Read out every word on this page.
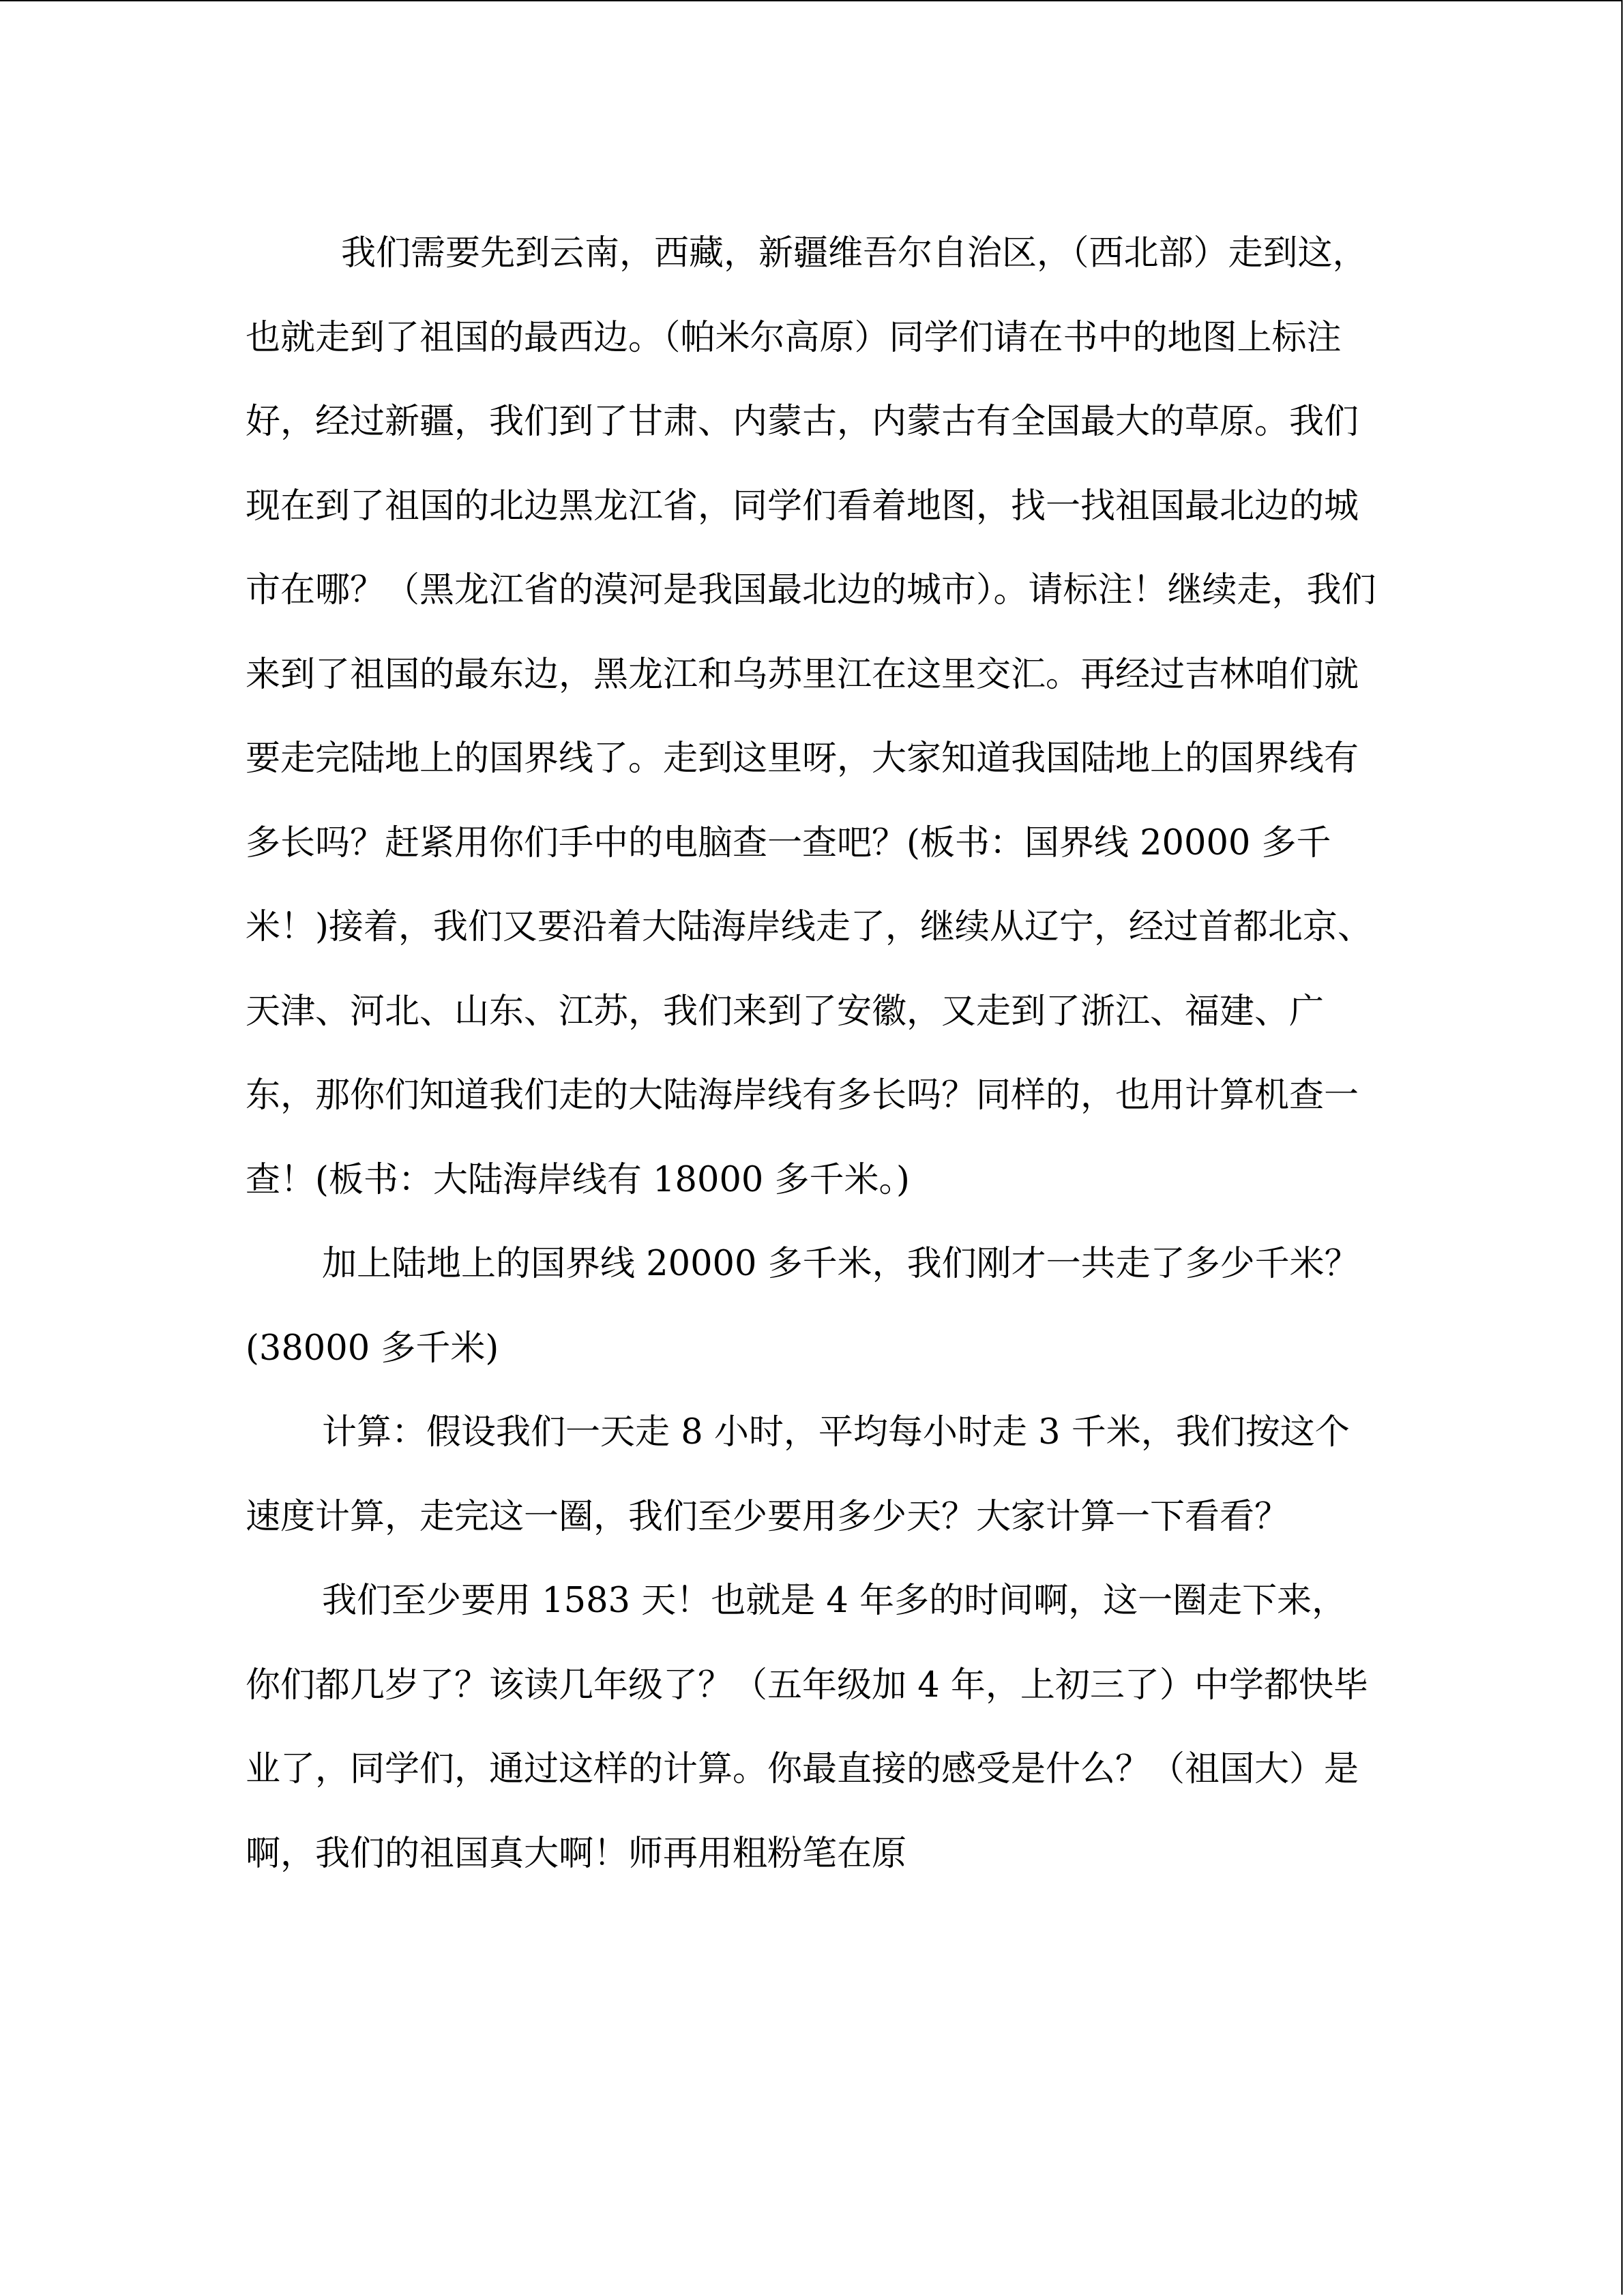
我们需要先到云南，西藏，新疆维吾尔自治区，（西北部）走到这，也就走到了祖国的最西边。（帕米尔高原）同学们请在书中的地图上标注好，经过新疆，我们到了甘肃、内蒙古，内蒙古有全国最大的草原。我们现在到了祖国的北边黑龙江省，同学们看着地图，找一找祖国最北边的城市在哪？（黑龙江省的漠河是我国最北边的城市）。请标注！继续走，我们来到了祖国的最东边，黑龙江和乌苏里江在这里交汇。再经过吉林咱们就要走完陆地上的国界线了。走到这里呀，大家知道我国陆地上的国界线有多长吗？赶紧用你们手中的电脑查一查吧？(板书：国界线 20000 多千米！)接着，我们又要沿着大陆海岸线走了，继续从辽宁，经过首都北京、天津、河北、山东、江苏，我们来到了安徽，又走到了浙江、福建、广东，那你们知道我们走的大陆海岸线有多长吗？同样的，也用计算机查一查！(板书：大陆海岸线有 18000 多千米。)

加上陆地上的国界线 20000 多千米，我们刚才一共走了多少千米？(38000 多千米)

计算：假设我们一天走 8 小时，平均每小时走 3 千米，我们按这个速度计算，走完这一圈，我们至少要用多少天？大家计算一下看看？

我们至少要用 1583 天！也就是 4 年多的时间啊，这一圈走下来，你们都几岁了？该读几年级了？（五年级加 4 年，上初三了）中学都快毕业了，同学们，通过这样的计算。你最直接的感受是什么？（祖国大）是啊，我们的祖国真大啊！师再用粗粉笔在原
